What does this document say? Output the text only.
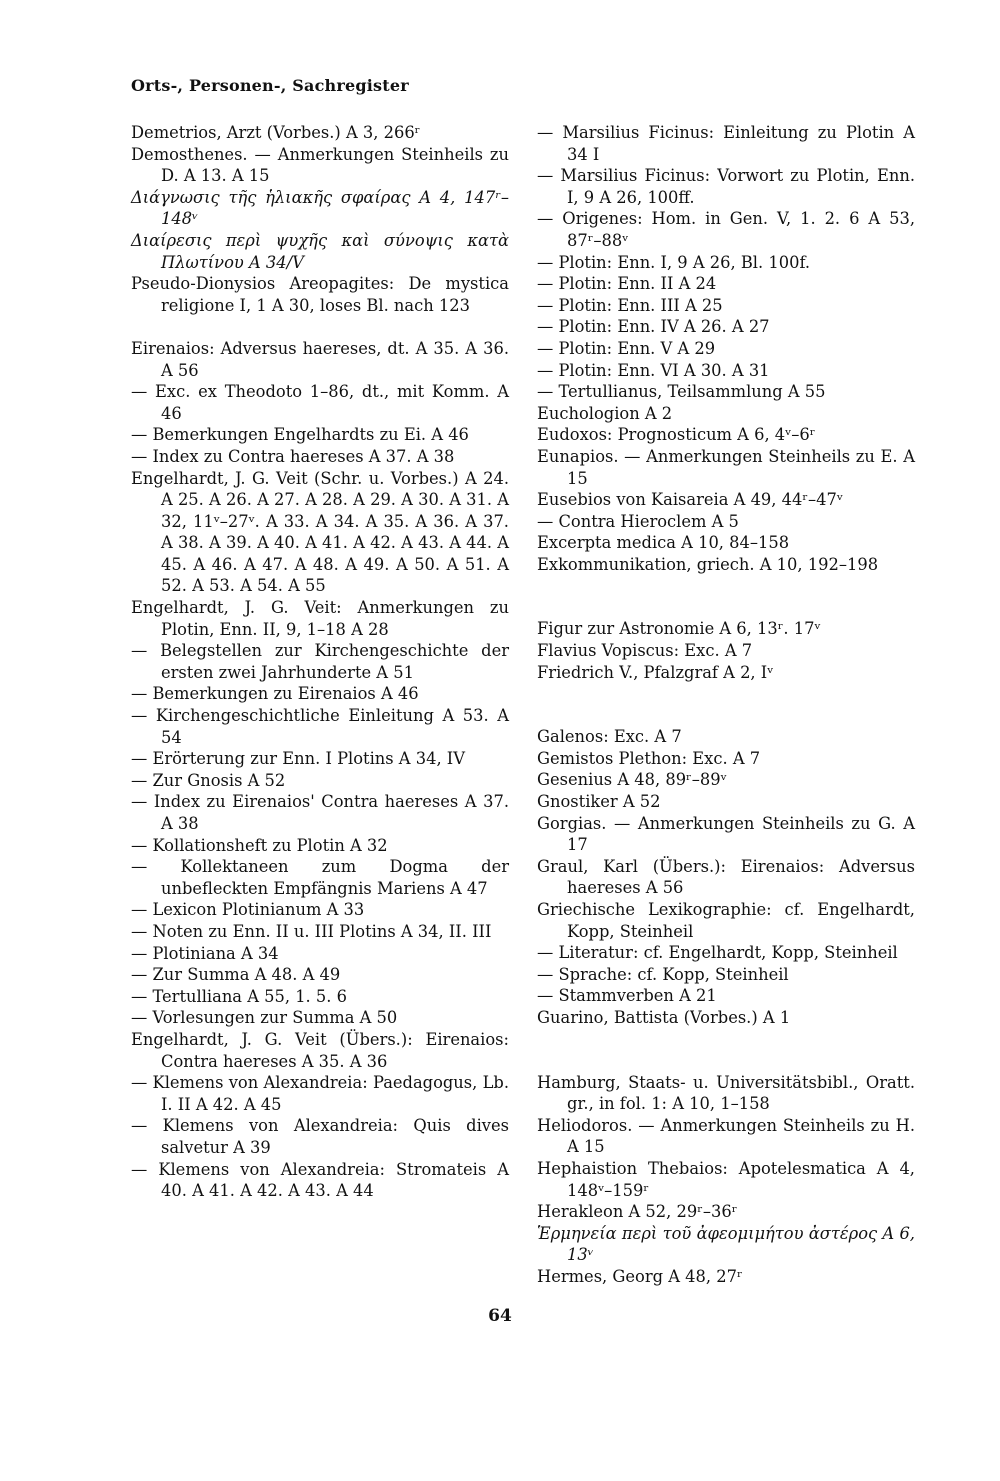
Orts-, Personen-, Sachregister
Demetrios, Arzt (Vorbes.) A 3, 266ʳ
Demosthenes. — Anmerkungen Steinheils zu D. A 13. A 15
Διάγνωσις τῆς ἡλιακῆς σφαίρας A 4, 147ʳ–148ᵛ
Διαίρεσις περὶ ψυχῆς καὶ σύνοψις κατὰ Πλωτίνου A 34/V
Pseudo-Dionysios Areopagites: De mystica religione I, 1 A 30, loses Bl. nach 123
Eirenaios: Adversus haereses, dt. A 35. A 36. A 56
— Exc. ex Theodoto 1–86, dt., mit Komm. A 46
— Bemerkungen Engelhardts zu Ei. A 46
— Index zu Contra haereses A 37. A 38
Engelhardt, J. G. Veit (Schr. u. Vorbes.) A 24. A 25. A 26. A 27. A 28. A 29. A 30. A 31. A 32, 11ᵛ–27ᵛ. A 33. A 34. A 35. A 36. A 37. A 38. A 39. A 40. A 41. A 42. A 43. A 44. A 45. A 46. A 47. A 48. A 49. A 50. A 51. A 52. A 53. A 54. A 55
Engelhardt, J. G. Veit: Anmerkungen zu Plotin, Enn. II, 9, 1–18 A 28
— Belegstellen zur Kirchengeschichte der ersten zwei Jahrhunderte A 51
— Bemerkungen zu Eirenaios A 46
— Kirchengeschichtliche Einleitung A 53. A 54
— Erörterung zur Enn. I Plotins A 34, IV
— Zur Gnosis A 52
— Index zu Eirenaios' Contra haereses A 37. A 38
— Kollationsheft zu Plotin A 32
— Kollektaneen zum Dogma der unbefleckten Empfängnis Mariens A 47
— Lexicon Plotinianum A 33
— Noten zu Enn. II u. III Plotins A 34, II. III
— Plotiniana A 34
— Zur Summa A 48. A 49
— Tertulliana A 55, 1. 5. 6
— Vorlesungen zur Summa A 50
Engelhardt, J. G. Veit (Übers.): Eirenaios: Contra haereses A 35. A 36
— Klemens von Alexandreia: Paedagogus, Lb. I. II A 42. A 45
— Klemens von Alexandreia: Quis dives salvetur A 39
— Klemens von Alexandreia: Stromateis A 40. A 41. A 42. A 43. A 44
— Marsilius Ficinus: Einleitung zu Plotin A 34 I
— Marsilius Ficinus: Vorwort zu Plotin, Enn. I, 9 A 26, 100ff.
— Origenes: Hom. in Gen. V, 1. 2. 6 A 53, 87ʳ–88ᵛ
— Plotin: Enn. I, 9 A 26, Bl. 100f.
— Plotin: Enn. II A 24
— Plotin: Enn. III A 25
— Plotin: Enn. IV A 26. A 27
— Plotin: Enn. V A 29
— Plotin: Enn. VI A 30. A 31
— Tertullianus, Teilsammlung A 55
Euchologion A 2
Eudoxos: Prognosticum A 6, 4ᵛ–6ʳ
Eunapios. — Anmerkungen Steinheils zu E. A 15
Eusebios von Kaisareia A 49, 44ʳ–47ᵛ
— Contra Hieroclem A 5
Excerpta medica A 10, 84–158
Exkommunikation, griech. A 10, 192–198
Figur zur Astronomie A 6, 13ʳ. 17ᵛ
Flavius Vopiscus: Exc. A 7
Friedrich V., Pfalzgraf A 2, Iᵛ
Galenos: Exc. A 7
Gemistos Plethon: Exc. A 7
Gesenius A 48, 89ʳ–89ᵛ
Gnostiker A 52
Gorgias. — Anmerkungen Steinheils zu G. A 17
Graul, Karl (Übers.): Eirenaios: Adversus haereses A 56
Griechische Lexikographie: cf. Engelhardt, Kopp, Steinheil
— Literatur: cf. Engelhardt, Kopp, Steinheil
— Sprache: cf. Kopp, Steinheil
— Stammverben A 21
Guarino, Battista (Vorbes.) A 1
Hamburg, Staats- u. Universitätsbibl., Oratt. gr., in fol. 1: A 10, 1–158
Heliodoros. — Anmerkungen Steinheils zu H. A 15
Hephaistion Thebaios: Apotelesmatica A 4, 148ᵛ–159ʳ
Herakleon A 52, 29ʳ–36ʳ
Ἑρμηνεία περὶ τοῦ ἀφεομιμήτου ἀστέρος A 6, 13ᵛ
Hermes, Georg A 48, 27ʳ
64
